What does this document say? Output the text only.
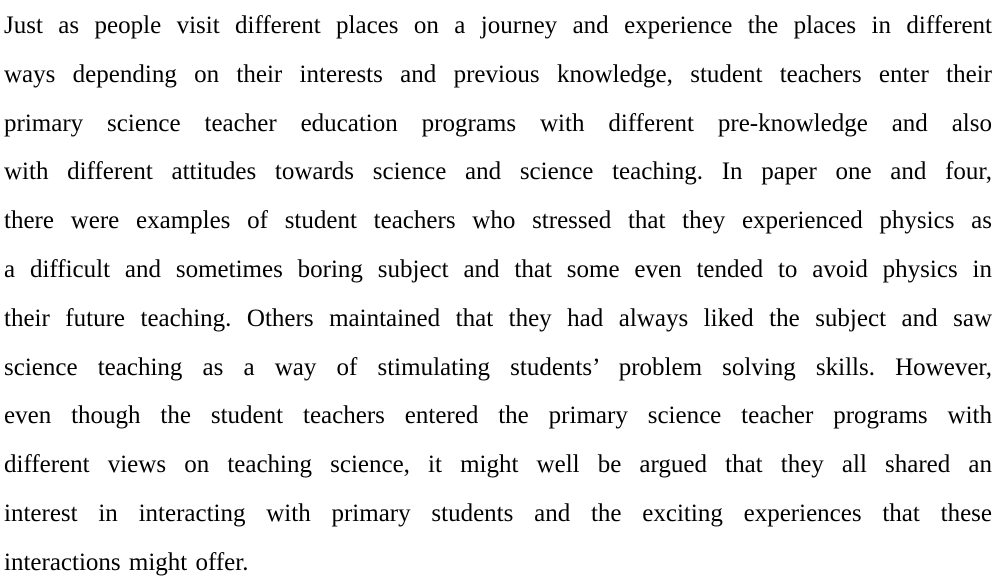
Just as people visit different places on a journey and experience the places in different
ways depending on their interests and previous knowledge, student teachers enter their
primary science teacher education programs with different pre-knowledge and also
with different attitudes towards science and science teaching. In paper one and four,
there were examples of student teachers who stressed that they experienced physics as
a difficult and sometimes boring subject and that some even tended to avoid physics in
their future teaching. Others maintained that they had always liked the subject and saw
science teaching as a way of stimulating students’ problem solving skills. However,
even though the student teachers entered the primary science teacher programs with
different views on teaching science, it might well be argued that they all shared an
interest in interacting with primary students and the exciting experiences that these
interactions might offer.
